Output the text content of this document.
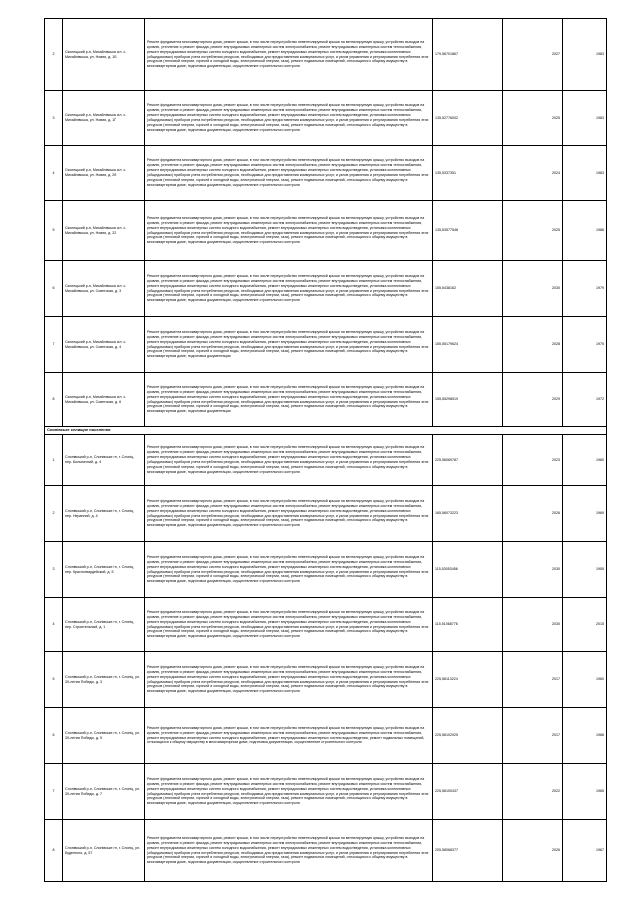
2	Сколецький р-н, Михайлівська сіл. с. Михайлівська, ул. Новия, д. 1Б	Ремонт фундамента многоквартирного дома, ремонт крыши, в том числе переустройство невентилируемой крыши на вентилируемую крышу, устройство выходов на кровлю, утепление и ремонт фасада, ремонт внутридомовых инженерных систем электроснабжения, ремонт внутридомовых инженерных систем теплоснабжения, ремонт внутридомовых инженерных систем холодного водоснабжения, ремонт внутридомовых инженерных систем водоотведения, установка коллективных (общедомовых) приборов учета потребления ресурсов, необходимых для предоставления коммунальных услуг, и узлов управления и регулирования потребления этих ресурсов (тепловой энергии, горячей и холодной воды, электрической энергии, газа), ремонт подвальных помещений, относящихся к общему имуществу в многоквартирном доме, подготовка документации, осуществление строительного контроля	179,56701867	2027	1983
3	Сколецький р-н, Михайлівська сіл. с. Михайлівська, ул. Новия, д. 1Ґ	Ремонт фундамента многоквартирного дома, ремонт крыши, в том числе переустройство невентилируемой крыши на вентилируемую крышу, устройство выходов на кровлю, утепление и ремонт фасада, ремонт внутридомовых инженерных систем электроснабжения, ремонт внутридомовых инженерных систем теплоснабжения, ремонт внутридомовых инженерных систем холодного водоснабжения, ремонт внутридомовых инженерных систем водоотведения, установка коллективных (общедомовых) приборов учета потребления ресурсов, необходимых для предоставления коммунальных услуг, и узлов управления и регулирования потребления этих ресурсов (тепловой энергии, горячей и холодной воды, электрической энергии, газа), ремонт подвальных помещений, относящихся к общему имуществу в многоквартирном доме, подготовка документации, осуществление строительного контроля	135,52776002	2025	1983
4	Сколецький р-н, Михайлівська сіл. с. Михайлівська, ул. Новия, д. 2б	Ремонт фундамента многоквартирного дома, ремонт крыши, в том числе переустройство невентилируемой крыши на вентилируемую крышу, устройство выходов на кровлю, утепление и ремонт фасада, ремонт внутридомовых инженерных систем электроснабжения, ремонт внутридомовых инженерных систем теплоснабжения, ремонт внутридомовых инженерных систем холодного водоснабжения, ремонт внутридомовых инженерных систем водоотведения, установка коллективных (общедомовых) приборов учета потребления ресурсов, необходимых для предоставления коммунальных услуг, и узлов управления и регулирования потребления этих ресурсов (тепловой энергии, горячей и холодной воды, электрической энергии, газа), ремонт подвальных помещений, относящихся к общему имуществу в многоквартирном доме, подготовка документации, осуществление строительного контроля	135,5337351	2024	1983
5	Сколецький р-н, Михайлівська сіл. с. Михайлівська, ул. Новия, д. 22	Ремонт фундамента многоквартирного дома, ремонт крыши, в том числе переустройство невентилируемой крыши на вентилируемую крышу, устройство выходов на кровлю, утепление и ремонт фасада, ремонт внутридомовых инженерных систем электроснабжения, ремонт внутридомовых инженерных систем теплоснабжения, ремонт внутридомовых инженерных систем холодного водоснабжения, ремонт внутридомовых инженерных систем водоотведения, установка коллективных (общедомовых) приборов учета потребления ресурсов, необходимых для предоставления коммунальных услуг, и узлов управления и регулирования потребления этих ресурсов (тепловой энергии, горячей и холодной воды, электрической энергии, газа), ремонт подвальных помещений, относящихся к общему имуществу в многоквартирном доме, подготовка документации, осуществление строительного контроля	135,53577548	2025	1986
6	Сколецький р-н, Михайлівська сіл. с. Михайлівська, ул. Советская, д. 3	Ремонт фундамента многоквартирного дома, ремонт крыши, в том числе переустройство невентилируемой крыши на вентилируемую крышу, устройство выходов на кровлю, утепление и ремонт фасада, ремонт внутридомовых инженерных систем электроснабжения, ремонт внутридомовых инженерных систем теплоснабжения, ремонт внутридомовых инженерных систем холодного водоснабжения, ремонт внутридомовых инженерных систем водоотведения, установка коллективных (общедомовых) приборов учета потребления ресурсов, необходимых для предоставления коммунальных услуг, и узлов управления и регулирования потребления этих ресурсов (тепловой энергии, горячей и холодной воды, электрической энергии, газа), ремонт подвальных помещений, относящихся к общему имуществу в многоквартирном доме, подготовка документации, осуществление строительного контроля	155,5438162	2030	1979
7	Сколецький р-н, Михайлівська сіл. с. Михайлівська, ул. Советская, д. 4	Ремонт фундамента многоквартирного дома, ремонт крыши, в том числе переустройство невентилируемой крыши на вентилируемую крышу, устройство выходов на кровлю, утепление и ремонт фасада, ремонт внутридомовых инженерных систем электроснабжения, ремонт внутридомовых инженерных систем теплоснабжения, ремонт внутридомовых инженерных систем холодного водоснабжения, ремонт внутридомовых инженерных систем водоотведения, установка коллективных (общедомовых) приборов учета потребления ресурсов, необходимых для предоставления коммунальных услуг, и узлов управления и регулирования потребления этих ресурсов (тепловой энергии, горячей и холодной воды, электрической энергии, газа), ремонт подвальных помещений, относящихся к общему имуществу в многоквартирном доме, подготовка документации	155,55179624	2028	1975
8	Сколецький р-н, Михайлівська сіл. с. Михайлівська, ул. Советская, д. 6	Ремонт фундамента многоквартирного дома, ремонт крыши, в том числе переустройство невентилируемой крыши на вентилируемую крышу, устройство выходов на кровлю, утепление и ремонт фасада, ремонт внутридомовых инженерных систем электроснабжения, ремонт внутридомовых инженерных систем теплоснабжения, ремонт внутридомовых инженерных систем холодного водоснабжения, ремонт внутридомовых инженерных систем водоотведения, установка коллективных (общедомовых) приборов учета потребления ресурсов, необходимых для предоставления коммунальных услуг, и узлов управления и регулирования потребления этих ресурсов (тепловой энергии, горячей и холодной воды, электрической энергии, газа), ремонт подвальных помещений, относящихся к общему имуществу в многоквартирном доме, подготовка документации	155,55298519	2029	1972
Слонівське селищне поселення					
1	Слонівський р-н, Слонівське гп, г. Слонің, пер. Больничний, д. 4	Ремонт фундамента многоквартирного дома, ремонт крыши, в том числе переустройство невентилируемой крыши на вентилируемую крышу, устройство выходов на кровлю, утепление и ремонт фасада, ремонт внутридомовых инженерных систем электроснабжения, ремонт внутридомовых инженерных систем теплоснабжения, ремонт внутридомовых инженерных систем холодного водоснабжения, ремонт внутридомовых инженерных систем водоотведения, установка коллективных (общедомовых) приборов учета потребления ресурсов, необходимых для предоставления коммунальных услуг, и узлов управления и регулирования потребления этих ресурсов (тепловой энергии, горячей и холодной воды, электрической энергии, газа), ремонт подвальных помещений, относящихся к общему имуществу в многоквартирном доме, подготовка документации, осуществление строительного контроля	225,56069787	2023	1960
2	Слонівський р-н, Слонівське гп, г. Слонің, пер. Нерапний, д. 4	Ремонт фундамента многоквартирного дома, ремонт крыши, в том числе переустройство невентилируемой крыши на вентилируемую крышу, устройство выходов на кровлю, утепление и ремонт фасада, ремонт внутридомовых инженерных систем электроснабжения, ремонт внутридомовых инженерных систем теплоснабжения, ремонт внутридомовых инженерных систем холодного водоснабжения, ремонт внутридомовых инженерных систем водоотведения, установка коллективных (общедомовых) приборов учета потребления ресурсов, необходимых для предоставления коммунальных услуг, и узлов управления и регулирования потребления этих ресурсов (тепловой энергии, горячей и холодной воды, электрической энергии, газа), ремонт подвальных помещений, относящихся к общему имуществу в многоквартирном доме, подготовка документации, осуществление строительного контроля	165,56073223	2026	1969
3	Слонівський р-н, Слонівське гп, г. Слонің, пер. Красногвардейский, д. 5	Ремонт фундамента многоквартирного дома, ремонт крыши, в том числе переустройство невентилируемой крыши на вентилируемую крышу, устройство выходов на кровлю, утепление и ремонт фасада, ремонт внутридомовых инженерных систем электроснабжения, ремонт внутридомовых инженерных систем теплоснабжения, ремонт внутридомовых инженерных систем холодного водоснабжения, ремонт внутридомовых инженерных систем водоотведения, установка коллективных (общедомовых) приборов учета потребления ресурсов, необходимых для предоставления коммунальных услуг, и узлов управления и регулирования потребления этих ресурсов (тепловой энергии, горячей и холодной воды, электрической энергии, газа), ремонт подвальных помещений, относящихся к общему имуществу в многоквартирном доме, подготовка документации, осуществление строительного контроля	115,53053456	2030	1955
4	Слонівський р-н, Слонівське гп, г. Слонің, пер. Строительный, д. 1	Ремонт фундамента многоквартирного дома, ремонт крыши, в том числе переустройство невентилируемой крыши на вентилируемую крышу, устройство выходов на кровлю, утепление и ремонт фасада, ремонт внутридомовых инженерных систем электроснабжения, ремонт внутридомовых инженерных систем теплоснабжения, ремонт внутридомовых инженерных систем холодного водоснабжения, ремонт внутридомовых инженерных систем водоотведения, установка коллективных (общедомовых) приборов учета потребления ресурсов, необходимых для предоставления коммунальных услуг, и узлов управления и регулирования потребления этих ресурсов (тепловой энергии, горячей и холодной воды, электрической энергии, газа), ремонт подвальных помещений, относящихся к общему имуществу в многоквартирном доме, подготовка документации, осуществление строительного контроля	115,51068776	2030	2015
5	Слонівський р-н, Слонівське гп, г. Слонің, ул. 30-летия Победы, д. 3	Ремонт фундамента многоквартирного дома, ремонт крыши, в том числе переустройство невентилируемой крыши на вентилируемую крышу, устройство выходов на кровлю, утепление и ремонт фасада, ремонт внутридомовых инженерных систем электроснабжения, ремонт внутридомовых инженерных систем теплоснабжения, ремонт внутридомовых инженерных систем холодного водоснабжения, ремонт внутридомовых инженерных систем водоотведения, установка коллективных (общедомовых) приборов учета потребления ресурсов, необходимых для предоставления коммунальных услуг, и узлов управления и регулирования потребления этих ресурсов (тепловой энергии, горячей и холодной воды, электрической энергии, газа), ремонт подвальных помещений, относящихся к общему имуществу в многоквартирном доме, подготовка документации, осуществление строительного контроля	225,56113224	2017	1960
6	Слонівський р-н, Слонівське гп, г. Слонің, ул. 30-летия Победы, д. 5	Ремонт фундамента многоквартирного дома, ремонт крыши, в том числе переустройство невентилируемой крыши на вентилируемую крышу, устройство выходов на кровлю, утепление и ремонт фасада, ремонт внутридомовых инженерных систем электроснабжения, ремонт внутридомовых инженерных систем теплоснабжения, ремонт внутридомовых инженерных систем холодного водоснабжения, ремонт внутридомовых инженерных систем водоотведения, ремонт подвальных помещений, относящихся к общему имуществу в многоквартирном доме, подготовка документации, осуществление строительного контроля	225,56102925	2017	1968
7	Слонівський р-н, Слонівське гп, г. Слонің, ул. 30-летия Победы, д. 7	Ремонт фундамента многоквартирного дома, ремонт крыши, в том числе переустройство невентилируемой крыши на вентилируемую крышу, устройство выходов на кровлю, утепление и ремонт фасада, ремонт внутридомовых инженерных систем электроснабжения, ремонт внутридомовых инженерных систем теплоснабжения, ремонт внутридомовых инженерных систем холодного водоснабжения, ремонт внутридомовых инженерных систем водоотведения, установка коллективных (общедомовых) приборов учета потребления ресурсов, необходимых для предоставления коммунальных услуг, и узлов управления и регулирования потребления этих ресурсов (тепловой энергии, горячей и холодной воды, электрической энергии, газа), ремонт подвальных помещений, относящихся к общему имуществу в многоквартирном доме, подготовка документации, осуществление строительного контроля	225,56100437	2022	1965
8	Слонівський р-н, Слонівське гп, г. Слонің, ул. Буденного, д. 57	Ремонт фундамента многоквартирного дома, ремонт крыши, в том числе переустройство невентилируемой крыши на вентилируемую крышу, устройство выходов на кровлю, утепление и ремонт фасада, ремонт внутридомовых инженерных систем электроснабжения, ремонт внутридомовых инженерных систем теплоснабжения, ремонт внутридомовых инженерных систем холодного водоснабжения, ремонт внутридомовых инженерных систем водоотведения, установка коллективных (общедомовых) приборов учета потребления ресурсов, необходимых для предоставления коммунальных услуг, и узлов управления и регулирования потребления этих ресурсов (тепловой энергии, горячей и холодной воды, электрической энергии, газа), ремонт подвальных помещений, относящихся к общему имуществу в многоквартирном доме, подготовка документации, осуществление строительного контроля	205,58068377	2026	1967
